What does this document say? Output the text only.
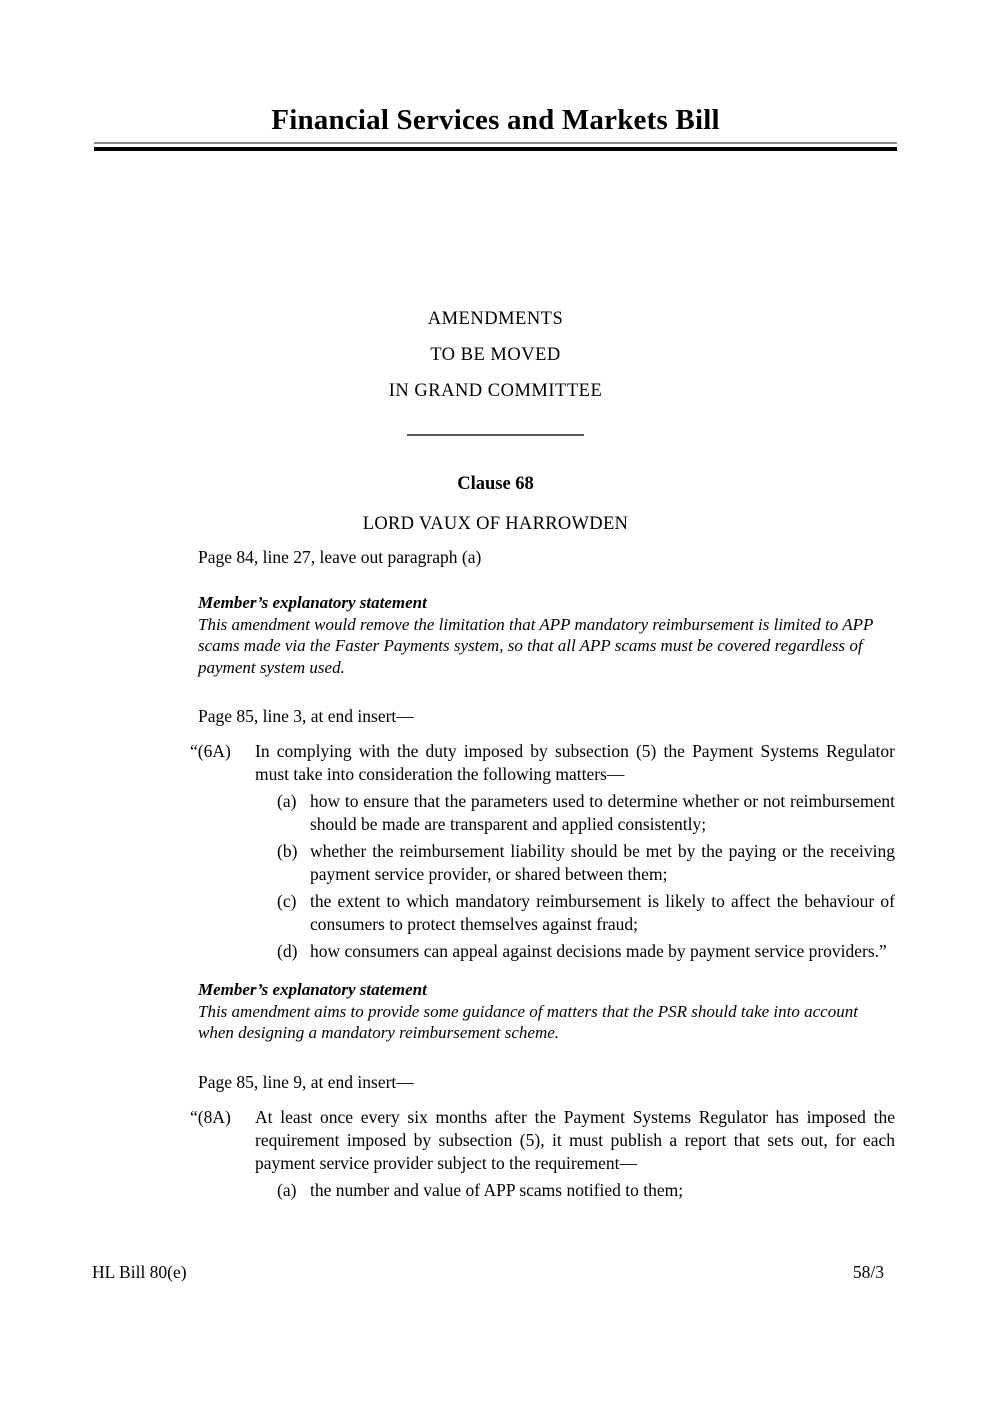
Financial Services and Markets Bill
AMENDMENTS
TO BE MOVED
IN GRAND COMMITTEE
Clause 68
LORD VAUX OF HARROWDEN
Page 84, line 27, leave out paragraph (a)
Member’s explanatory statement
This amendment would remove the limitation that APP mandatory reimbursement is limited to APP scams made via the Faster Payments system, so that all APP scams must be covered regardless of payment system used.
Page 85, line 3, at end insert—
“(6A) In complying with the duty imposed by subsection (5) the Payment Systems Regulator must take into consideration the following matters—
(a) how to ensure that the parameters used to determine whether or not reimbursement should be made are transparent and applied consistently;
(b) whether the reimbursement liability should be met by the paying or the receiving payment service provider, or shared between them;
(c) the extent to which mandatory reimbursement is likely to affect the behaviour of consumers to protect themselves against fraud;
(d) how consumers can appeal against decisions made by payment service providers.”
Member’s explanatory statement
This amendment aims to provide some guidance of matters that the PSR should take into account when designing a mandatory reimbursement scheme.
Page 85, line 9, at end insert—
“(8A) At least once every six months after the Payment Systems Regulator has imposed the requirement imposed by subsection (5), it must publish a report that sets out, for each payment service provider subject to the requirement—
(a) the number and value of APP scams notified to them;
HL Bill 80(e)	58/3
